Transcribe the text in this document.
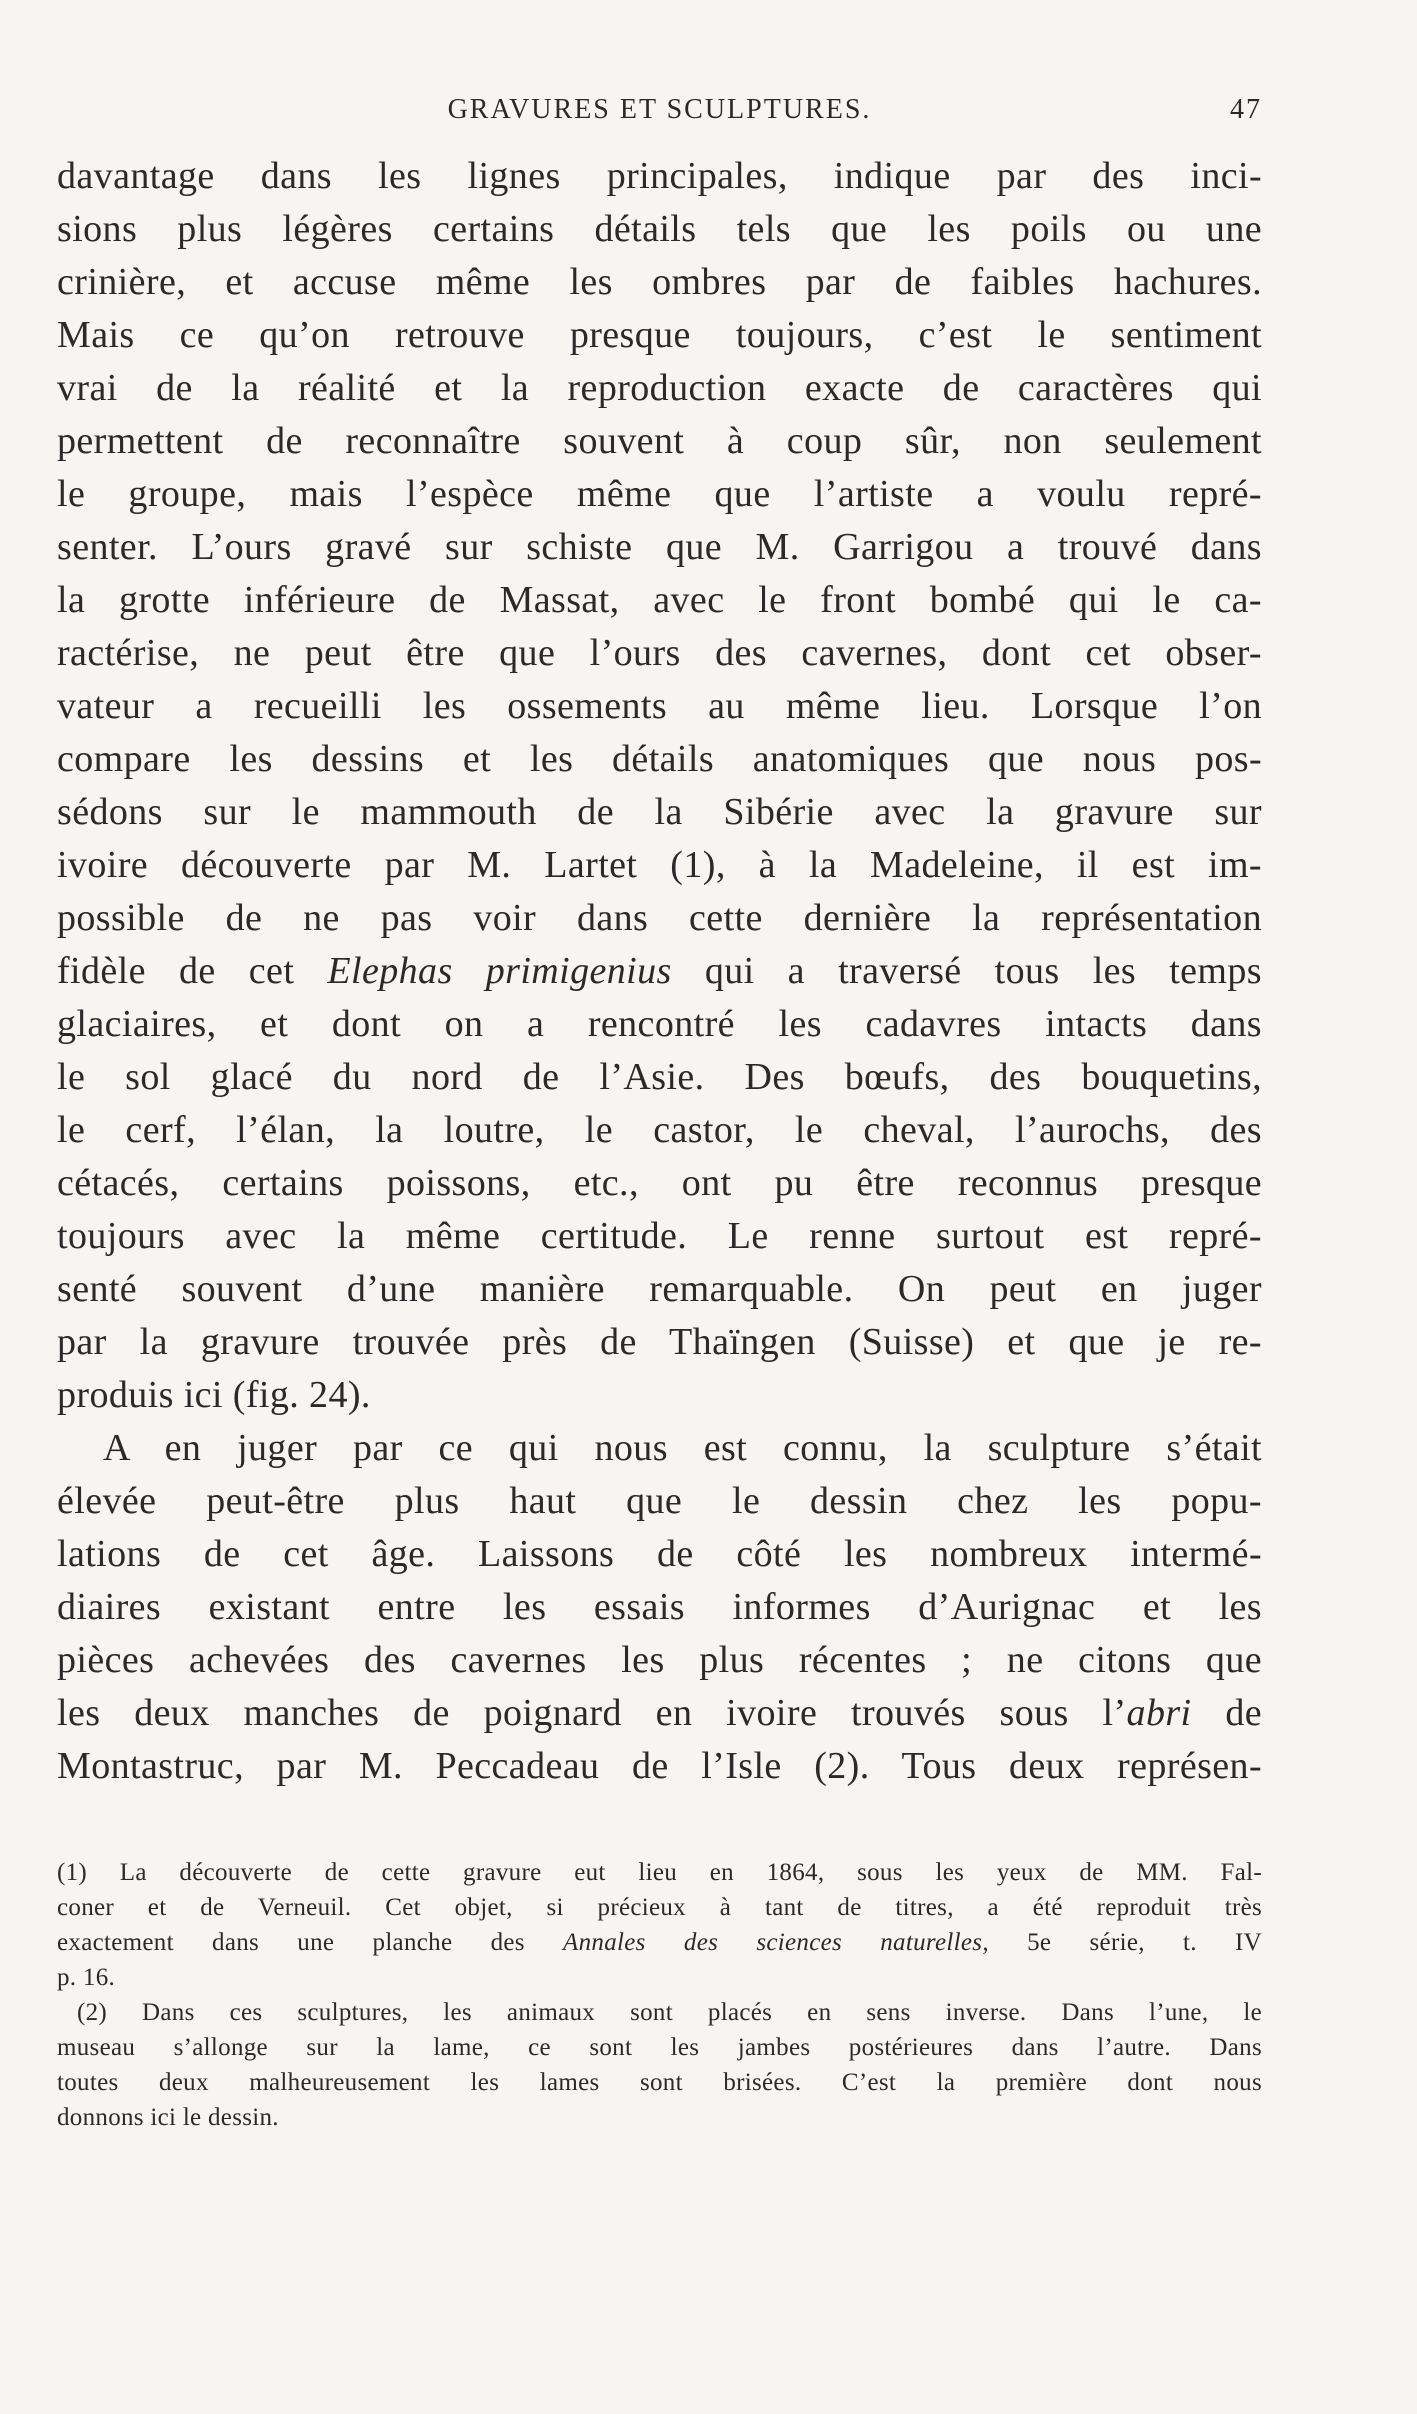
GRAVURES ET SCULPTURES.	47
davantage dans les lignes principales, indique par des inci-
sions plus légères certains détails tels que les poils ou une
crinière, et accuse même les ombres par de faibles hachures.
Mais ce qu’on retrouve presque toujours, c’est le sentiment
vrai de la réalité et la reproduction exacte de caractères qui
permettent de reconnaître souvent à coup sûr, non seulement
le groupe, mais l’espèce même que l’artiste a voulu repré-
senter. L’ours gravé sur schiste que M. Garrigou a trouvé dans
la grotte inférieure de Massat, avec le front bombé qui le ca-
ractérise, ne peut être que l’ours des cavernes, dont cet obser-
vateur a recueilli les ossements au même lieu. Lorsque l’on
compare les dessins et les détails anatomiques que nous pos-
sédons sur le mammouth de la Sibérie avec la gravure sur
ivoire découverte par M. Lartet (1), à la Madeleine, il est im-
possible de ne pas voir dans cette dernière la représentation
fidèle de cet Elephas primigenius qui a traversé tous les temps
glaciaires, et dont on a rencontré les cadavres intacts dans
le sol glacé du nord de l’Asie. Des bœufs, des bouquetins,
le cerf, l’élan, la loutre, le castor, le cheval, l’aurochs, des
cétacés, certains poissons, etc., ont pu être reconnus presque
toujours avec la même certitude. Le renne surtout est repré-
senté souvent d’une manière remarquable. On peut en juger
par la gravure trouvée près de Thaïngen (Suisse) et que je re-
produis ici (fig. 24).
A en juger par ce qui nous est connu, la sculpture s’était
élevée peut-être plus haut que le dessin chez les popu-
lations de cet âge. Laissons de côté les nombreux intermé-
diaires existant entre les essais informes d’Aurignac et les
pièces achevées des cavernes les plus récentes ; ne citons que
les deux manches de poignard en ivoire trouvés sous l’abri de
Montastruc, par M. Peccadeau de l’Isle (2). Tous deux représen-
(1) La découverte de cette gravure eut lieu en 1864, sous les yeux de MM. Fal-
coner et de Verneuil. Cet objet, si précieux à tant de titres, a été reproduit très
exactement dans une planche des Annales des sciences naturelles, 5e série, t. IV
p. 16.
(2) Dans ces sculptures, les animaux sont placés en sens inverse. Dans l’une, le
museau s’allonge sur la lame, ce sont les jambes postérieures dans l’autre. Dans
toutes deux malheureusement les lames sont brisées. C’est la première dont nous
donnons ici le dessin.
